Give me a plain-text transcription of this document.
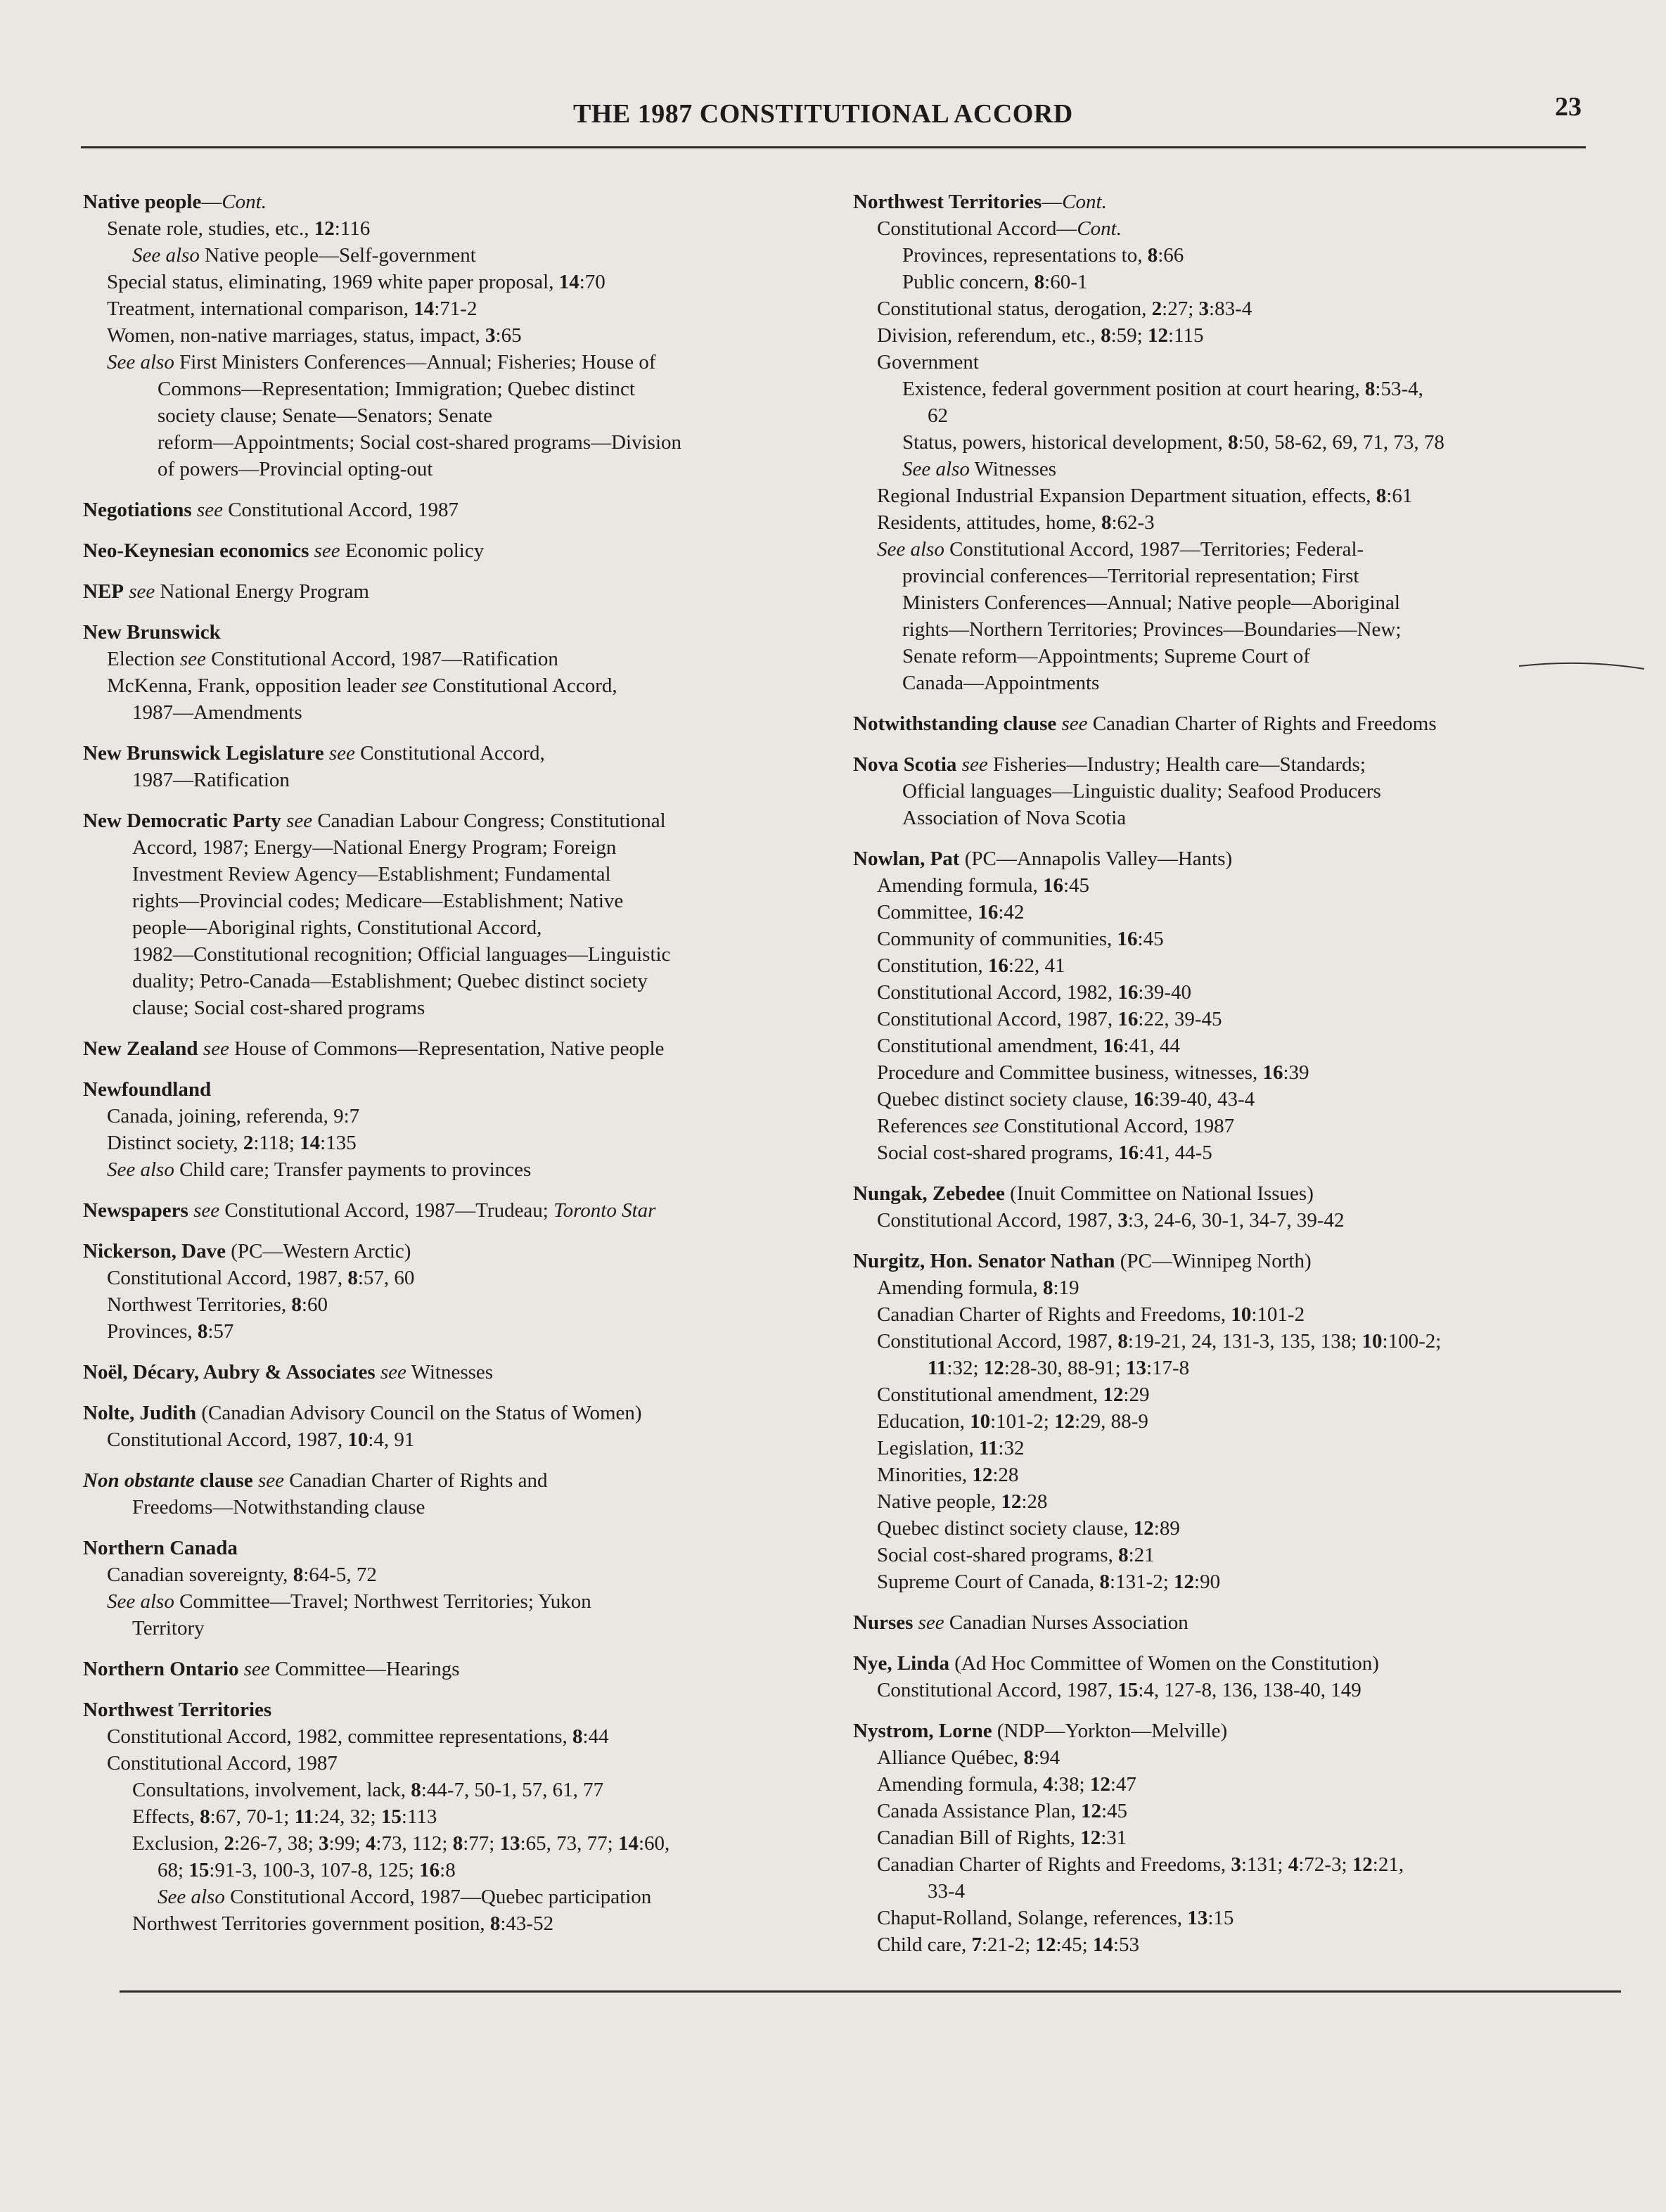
THE 1987 CONSTITUTIONAL ACCORD	23
Native people—Cont.
Senate role, studies, etc., 12:116
See also Native people—Self-government
Special status, eliminating, 1969 white paper proposal, 14:70
Treatment, international comparison, 14:71-2
Women, non-native marriages, status, impact, 3:65
See also First Ministers Conferences—Annual; Fisheries; House of
Commons—Representation; Immigration; Quebec distinct
society clause; Senate—Senators; Senate
reform—Appointments; Social cost-shared programs—Division
of powers—Provincial opting-out
Negotiations see Constitutional Accord, 1987
Neo-Keynesian economics see Economic policy
NEP see National Energy Program
New Brunswick
Election see Constitutional Accord, 1987—Ratification
McKenna, Frank, opposition leader see Constitutional Accord,
1987—Amendments
New Brunswick Legislature see Constitutional Accord,
1987—Ratification
New Democratic Party see Canadian Labour Congress; Constitutional
Accord, 1987; Energy—National Energy Program; Foreign
Investment Review Agency—Establishment; Fundamental
rights—Provincial codes; Medicare—Establishment; Native
people—Aboriginal rights, Constitutional Accord,
1982—Constitutional recognition; Official languages—Linguistic
duality; Petro-Canada—Establishment; Quebec distinct society
clause; Social cost-shared programs
New Zealand see House of Commons—Representation, Native people
Newfoundland
Canada, joining, referenda, 9:7
Distinct society, 2:118; 14:135
See also Child care; Transfer payments to provinces
Newspapers see Constitutional Accord, 1987—Trudeau; Toronto Star
Nickerson, Dave (PC—Western Arctic)
Constitutional Accord, 1987, 8:57, 60
Northwest Territories, 8:60
Provinces, 8:57
Noël, Décary, Aubry & Associates see Witnesses
Nolte, Judith (Canadian Advisory Council on the Status of Women)
Constitutional Accord, 1987, 10:4, 91
Non obstante clause see Canadian Charter of Rights and
Freedoms—Notwithstanding clause
Northern Canada
Canadian sovereignty, 8:64-5, 72
See also Committee—Travel; Northwest Territories; Yukon
Territory
Northern Ontario see Committee—Hearings
Northwest Territories
Constitutional Accord, 1982, committee representations, 8:44
Constitutional Accord, 1987
Consultations, involvement, lack, 8:44-7, 50-1, 57, 61, 77
Effects, 8:67, 70-1; 11:24, 32; 15:113
Exclusion, 2:26-7, 38; 3:99; 4:73, 112; 8:77; 13:65, 73, 77; 14:60,
68; 15:91-3, 100-3, 107-8, 125; 16:8
See also Constitutional Accord, 1987—Quebec participation
Northwest Territories government position, 8:43-52
Northwest Territories—Cont.
Constitutional Accord—Cont.
Provinces, representations to, 8:66
Public concern, 8:60-1
Constitutional status, derogation, 2:27; 3:83-4
Division, referendum, etc., 8:59; 12:115
Government
Existence, federal government position at court hearing, 8:53-4,
62
Status, powers, historical development, 8:50, 58-62, 69, 71, 73, 78
See also Witnesses
Regional Industrial Expansion Department situation, effects, 8:61
Residents, attitudes, home, 8:62-3
See also Constitutional Accord, 1987—Territories; Federal-
provincial conferences—Territorial representation; First
Ministers Conferences—Annual; Native people—Aboriginal
rights—Northern Territories; Provinces—Boundaries—New;
Senate reform—Appointments; Supreme Court of
Canada—Appointments
Notwithstanding clause see Canadian Charter of Rights and Freedoms
Nova Scotia see Fisheries—Industry; Health care—Standards;
Official languages—Linguistic duality; Seafood Producers
Association of Nova Scotia
Nowlan, Pat (PC—Annapolis Valley—Hants)
Amending formula, 16:45
Committee, 16:42
Community of communities, 16:45
Constitution, 16:22, 41
Constitutional Accord, 1982, 16:39-40
Constitutional Accord, 1987, 16:22, 39-45
Constitutional amendment, 16:41, 44
Procedure and Committee business, witnesses, 16:39
Quebec distinct society clause, 16:39-40, 43-4
References see Constitutional Accord, 1987
Social cost-shared programs, 16:41, 44-5
Nungak, Zebedee (Inuit Committee on National Issues)
Constitutional Accord, 1987, 3:3, 24-6, 30-1, 34-7, 39-42
Nurgitz, Hon. Senator Nathan (PC—Winnipeg North)
Amending formula, 8:19
Canadian Charter of Rights and Freedoms, 10:101-2
Constitutional Accord, 1987, 8:19-21, 24, 131-3, 135, 138; 10:100-2;
11:32; 12:28-30, 88-91; 13:17-8
Constitutional amendment, 12:29
Education, 10:101-2; 12:29, 88-9
Legislation, 11:32
Minorities, 12:28
Native people, 12:28
Quebec distinct society clause, 12:89
Social cost-shared programs, 8:21
Supreme Court of Canada, 8:131-2; 12:90
Nurses see Canadian Nurses Association
Nye, Linda (Ad Hoc Committee of Women on the Constitution)
Constitutional Accord, 1987, 15:4, 127-8, 136, 138-40, 149
Nystrom, Lorne (NDP—Yorkton—Melville)
Alliance Québec, 8:94
Amending formula, 4:38; 12:47
Canada Assistance Plan, 12:45
Canadian Bill of Rights, 12:31
Canadian Charter of Rights and Freedoms, 3:131; 4:72-3; 12:21,
33-4
Chaput-Rolland, Solange, references, 13:15
Child care, 7:21-2; 12:45; 14:53
